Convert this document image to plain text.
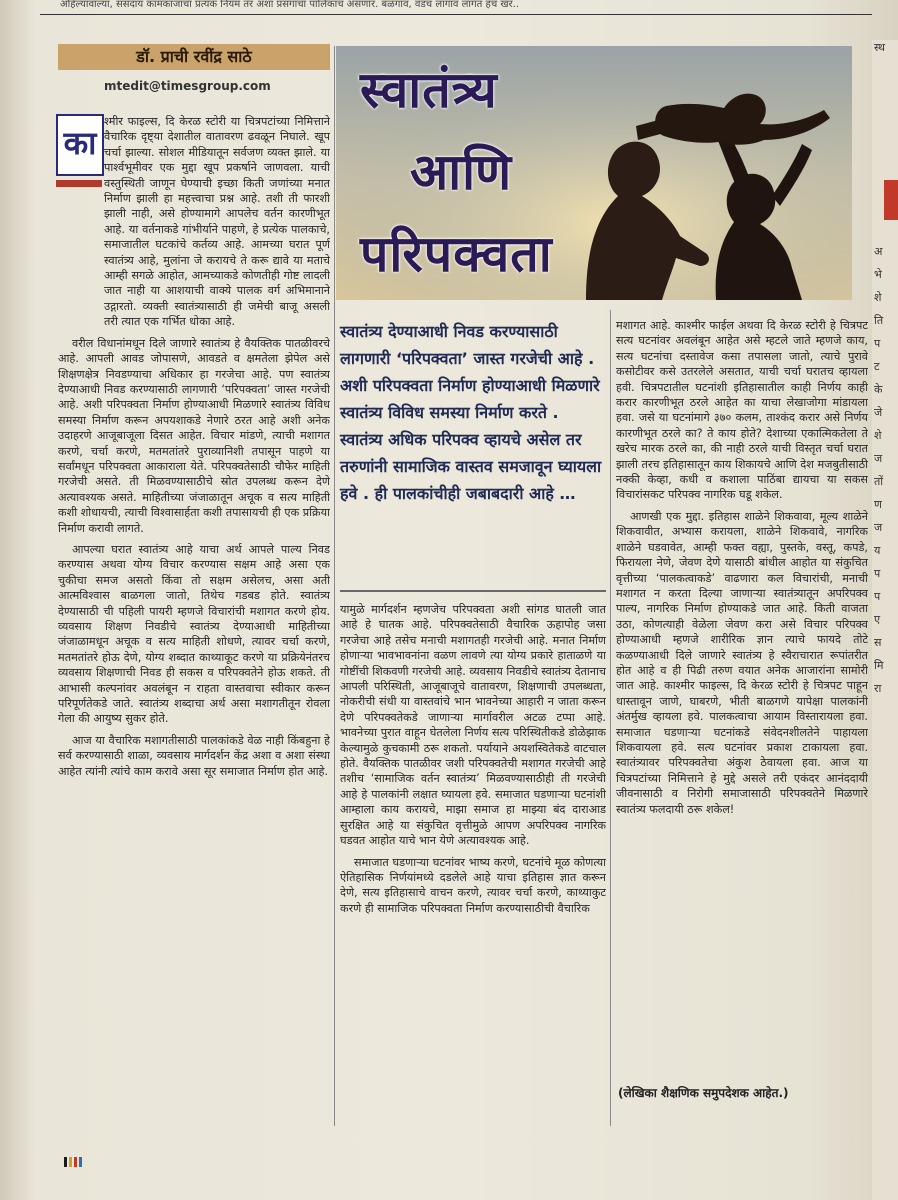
अहिल्यावाल्या, ससदाय कामकाजाचा प्रत्यक नियम तर अशा प्रसंगाचा पालिकाच असणार. बळगाव, वडच लागाव लागत हच खर..
डॉ. प्राची रवींद्र साठे
mtedit@timesgroup.com
का

श्मीर फाइल्स, दि केरळ स्टोरी या चित्रपटांच्या निमित्ताने वैचारिक दृष्ट्या देशातील वातावरण ढवळून निघाले. खूप चर्चा झाल्या. सोशल मीडियातून सर्वजण व्यक्त झाले. या पार्श्वभूमीवर एक मुद्दा खूप प्रकर्षाने जाणवला. याची वस्तुस्थिती जाणून घेण्याची इच्छा किती जणांच्या मनात निर्माण झाली हा महत्त्वाचा प्रश्न आहे. तशी ती फारशी झाली नाही, असे होण्यामागे आपलेच वर्तन कारणीभूत आहे. या वर्तनाकडे गांभीर्याने पाहणे, हे प्रत्येक पालकाचे, समाजातील घटकांचे कर्तव्य आहे. आमच्या घरात पूर्ण स्वातंत्र्य आहे, मुलांना जे करायचे ते करू द्यावे या मताचे आम्ही सगळे आहोत, आमच्याकडे कोणतीही गोष्ट लादली जात नाही या आशयाची वाक्ये पालक वर्ग अभिमानाने उद्गारतो. व्यक्ती स्वातंत्र्यासाठी ही जमेची बाजू असली तरी त्यात एक गर्भित धोका आहे.

वरील विधानांमधून दिले जाणारे स्वातंत्र्य हे वैयक्तिक पातळीवरचे आहे. आपली आवड जोपासणे, आवडते व क्षमतेला झेपेल असे शिक्षणक्षेत्र निवडण्याचा अधिकार हा गरजेचा आहे. पण स्वातंत्र्य देण्याआधी निवड करण्यासाठी लागणारी ‘परिपक्वता’ जास्त गरजेची आहे. अशी परिपक्वता निर्माण होण्याआधी मिळणारे स्वातंत्र्य विविध समस्या निर्माण करून अपयशाकडे नेणारे ठरत आहे अशी अनेक उदाहरणे आजूबाजूला दिसत आहेत. विचार मांडणे, त्याची मशागत करणे, चर्चा करणे, मतमतांतरे पुराव्यानिशी तपासून पाहणे या सर्वांमधून परिपक्वता आकाराला येते. परिपक्वतेसाठी चौफेर माहिती गरजेची असते. ती मिळवण्यासाठीचे स्रोत उपलब्ध करून देणे अत्यावश्यक असते. माहितीच्या जंजाळातून अचूक व सत्य माहिती कशी शोधायची, त्याची विश्वासार्हता कशी तपासायची ही एक प्रक्रिया निर्माण करावी लागते.

आपल्या घरात स्वातंत्र्य आहे याचा अर्थ आपले पाल्य निवड करण्यास अथवा योग्य विचार करण्यास सक्षम आहे असा एक चुकीचा समज असतो किंवा तो सक्षम असेलच, असा अती आत्मविश्वास बाळगला जातो, तिथेच गडबड होते. स्वातंत्र्य देण्यासाठी ची पहिली पायरी म्हणजे विचारांची मशागत करणे होय. व्यवसाय शिक्षण निवडीचे स्वातंत्र्य देण्याआधी माहितीच्या जंजाळामधून अचूक व सत्य माहिती शोधणे, त्यावर चर्चा करणे, मतमतांतरे होऊ देणे, योग्य शब्दात काथ्याकूट करणे या प्रक्रियेनंतरच व्यवसाय शिक्षणाची निवड ही सकस व परिपक्वतेने होऊ शकते. ती आभासी कल्पनांवर अवलंबून न राहता वास्तवाचा स्वीकार करून परिपूर्णतेकडे जाते. स्वातंत्र्य शब्दाचा अर्थ असा मशागतीतून रोवला गेला की आयुष्य सुकर होते.

आज या वैचारिक मशागतीसाठी पालकांकडे वेळ नाही किंबहुना हे सर्व करण्यासाठी शाळा, व्यवसाय मार्गदर्शन केंद्र अशा व अशा संस्था आहेत त्यांनी त्यांचे काम करावे असा सूर समाजात निर्माण होत आहे.

स्वातंत्र्य
आणि
परिपक्वता
स्वातंत्र्य देण्याआधी निवड करण्यासाठी लागणारी ‘परिपक्वता’ जास्त गरजेची आहे . अशी परिपक्वता निर्माण होण्याआधी मिळणारे स्वातंत्र्य विविध समस्या निर्माण करते . स्वातंत्र्य अधिक परिपक्व व्हायचे असेल तर तरुणांनी सामाजिक वास्तव समजावून घ्यायला हवे . ही पालकांचीही जबाबदारी आहे …

यामुळे मार्गदर्शन म्हणजेच परिपक्वता अशी सांगड घातली जात आहे हे घातक आहे. परिपक्वतेसाठी वैचारिक ऊहापोह जसा गरजेचा आहे तसेच मनाची मशागतही गरजेची आहे. मनात निर्माण होणाऱ्या भावभावनांना वळण लावणे त्या योग्य प्रकारे हाताळणे या गोष्टींची शिकवणी गरजेची आहे. व्यवसाय निवडीचे स्वातंत्र्य देतानाच आपली परिस्थिती, आजूबाजूचे वातावरण, शिक्षणाची उपलब्धता, नोकरीची संधी या वास्तवांचे भान भावनेच्या आहारी न जाता करून देणे परिपक्वतेकडे जाणाऱ्या मार्गावरील अटळ टप्पा आहे. भावनेच्या पुरात वाहून घेतलेला निर्णय सत्य परिस्थितीकडे डोळेझाक केल्यामुळे कुचकामी ठरू शकतो. पर्यायाने अयशस्वितेकडे वाटचाल होते. वैयक्तिक पातळीवर जशी परिपक्वतेची मशागत गरजेची आहे तशीच ‘सामाजिक वर्तन स्वातंत्र्य’ मिळवण्यासाठीही ती गरजेची आहे हे पालकांनी लक्षात घ्यायला हवे. समाजात घडणाऱ्या घटनांशी आम्हाला काय करायचे, माझा समाज हा माझ्या बंद दाराआड सुरक्षित आहे या संकुचित वृत्तीमुळे आपण अपरिपक्व नागरिक घडवत आहोत याचे भान येणे अत्यावश्यक आहे.

समाजात घडणाऱ्या घटनांवर भाष्य करणे, घटनांचे मूळ कोणत्या ऐतिहासिक निर्णयांमध्ये दडलेले आहे याचा इतिहास ज्ञात करून देणे, सत्य इतिहासाचे वाचन करणे, त्यावर चर्चा करणे, काथ्याकुट करणे ही सामाजिक परिपक्वता निर्माण करण्यासाठीची वैचारिक

मशागत आहे. काश्मीर फाईल अथवा दि केरळ स्टोरी हे चित्रपट सत्य घटनांवर अवलंबून आहेत असे म्हटले जाते म्हणजे काय, सत्य घटनांचा दस्तावेज कसा तपासला जातो, त्याचे पुरावे कसोटीवर कसे उतरलेले असतात, याची चर्चा घरातच व्हायला हवी. चित्रपटातील घटनांशी इतिहासातील काही निर्णय काही करार कारणीभूत ठरले आहेत का याचा लेखाजोगा मांडायला हवा. जसे या घटनांमागे ३७० कलम, ताश्कंद करार असे निर्णय कारणीभूत ठरले का? ते काय होते? देशाच्या एकात्मिकतेला ते खरेच मारक ठरले का, की नाही ठरले याची विस्तृत चर्चा घरात झाली तरच इतिहासातून काय शिकायचे आणि देश मजबुतीसाठी नक्की केव्हा, कधी व कशाला पाठिंबा द्यायचा या सकस विचारांसकट परिपक्व नागरिक घडू शकेल.

आणखी एक मुद्दा. इतिहास शाळेने शिकवावा, मूल्य शाळेने शिकवावीत, अभ्यास करायला, शाळेने शिकवावे, नागरिक शाळेने घडवावेत, आम्ही फक्त वह्या, पुस्तके, वस्तू, कपडे, फिरायला नेणे, जेवण देणे यासाठी बांधील आहोत या संकुचित वृत्तीच्या ‘पालकत्वाकडे’ वाढणारा कल विचारांची, मनाची मशागत न करता दिल्या जाणाऱ्या स्वातंत्र्यातून अपरिपक्व पाल्य, नागरिक निर्माण होण्याकडे जात आहे. किती वाजता उठा, कोणत्याही वेळेला जेवण करा असे विचार परिपक्व होण्याआधी म्हणजे शारीरिक ज्ञान त्याचे फायदे तोटे कळण्याआधी दिले जाणारे स्वातंत्र्य हे स्वैराचारात रूपांतरीत होत आहे व ही पिढी तरुण वयात अनेक आजारांना सामोरी जात आहे. काश्मीर फाइल्स, दि केरळ स्टोरी हे चित्रपट पाहून धास्तावून जाणे, घाबरणे, भीती बाळगणे यापेक्षा पालकांनी अंतर्मुख व्हायला हवे. पालकत्वाचा आयाम विस्तारायला हवा. समाजात घडणाऱ्या घटनांकडे संवेदनशीलतेने पाहायला शिकवायला हवे. सत्य घटनांवर प्रकाश टाकायला हवा. स्वातंत्र्यावर परिपक्वतेचा अंकुश ठेवायला हवा. आज या चित्रपटांच्या निमित्ताने हे मुद्दे असले तरी एकंदर आनंददायी जीवनासाठी व निरोगी समाजासाठी परिपक्वतेने मिळणारे स्वातंत्र्य फलदायी ठरू शकेल!

(लेखिका शैक्षणिक समुपदेशक आहेत.)
स्थ
अ
भे
शे
ति
प
ट
के
जे
शे
ज
तों
ण
ज
य
प
प
ए
स
मि
रा
